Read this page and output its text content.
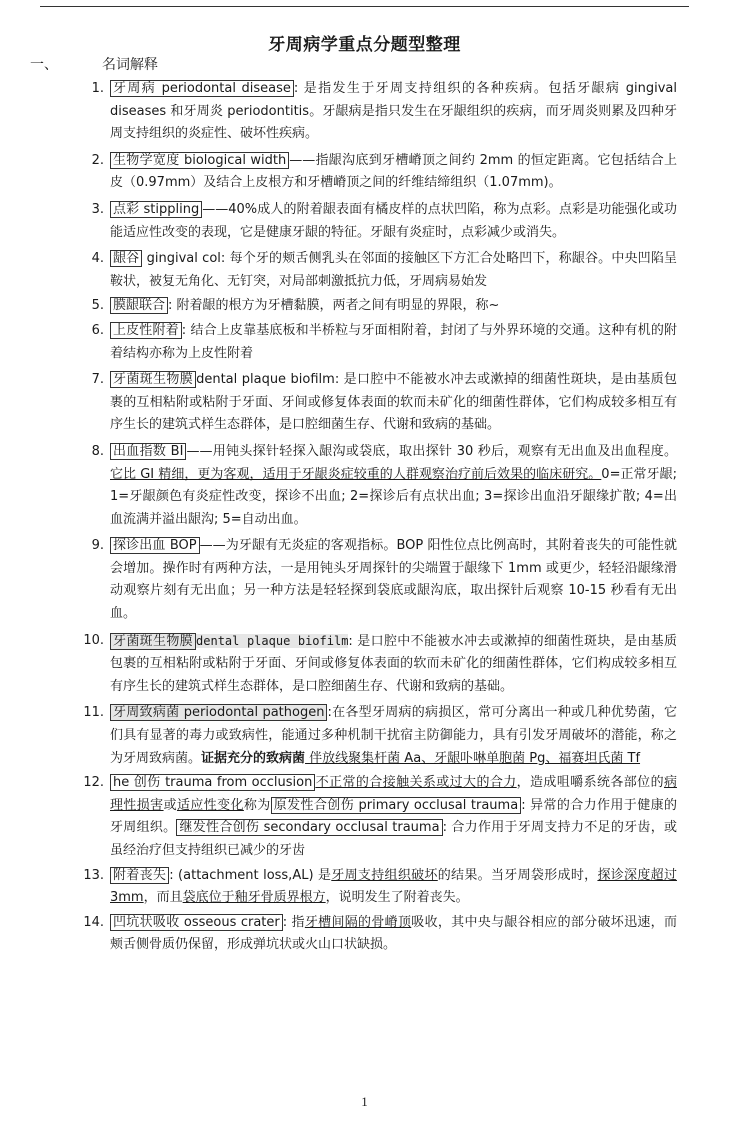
牙周病学重点分题型整理
一、	名词解释
1. 牙周病 periodontal disease : 是指发生于牙周支持组织的各种疾病。包括牙龈病 gingival diseases 和牙周炎 periodontitis。牙龈病是指只发生在牙龈组织的疾病，而牙周炎则累及四种牙周支持组织的炎症性、破坏性疾病。
2. 生物学宽度 biological width ——指龈沟底到牙槽嵴顶之间约 2mm 的恒定距离。它包括结合上皮（0.97mm）及结合上皮根方和牙槽嵴顶之间的纤维结缔组织（1.07mm)。
3. 点彩 stippling ——40%成人的附着龈表面有橘皮样的点状凹陷，称为点彩。点彩是功能强化或功能适应性改变的表现，它是健康牙龈的特征。牙龈有炎症时，点彩减少或消失。
4. 龈谷 gingival col: 每个牙的颊舌侧乳头在邻面的接触区下方汇合处略凹下，称龈谷。中央凹陷呈鞍状，被复无角化、无钉突，对局部刺激抵抗力低，牙周病易始发
5. 膜龈联合 : 附着龈的根方为牙槽黏膜，两者之间有明显的界限，称~
6. 上皮性附着 : 结合上皮靠基底板和半桥粒与牙面相附着，封闭了与外界环境的交通。这种有机的附着结构亦称为上皮性附着
7. 牙菌斑生物膜 dental plaque biofilm: 是口腔中不能被水冲去或漱掉的细菌性斑块，是由基质包裹的互相粘附或粘附于牙面、牙间或修复体表面的软而未矿化的细菌性群体，它们构成较多相互有序生长的建筑式样生态群体，是口腔细菌生存、代谢和致病的基础。
8. 出血指数 BI ——用钝头探针轻探入龈沟或袋底，取出探针 30 秒后，观察有无出血及出血程度。它比 GI 精细，更为客观，适用于牙龈炎症较重的人群观察治疗前后效果的临床研究。0=正常牙龈; 1=牙龈颜色有炎症性改变，探诊不出血; 2=探诊后有点状出血; 3=探诊出血沿牙龈缘扩散; 4=出血流满并溢出龈沟; 5=自动出血。
9. 探诊出血 BOP ——为牙龈有无炎症的客观指标。BOP 阳性位点比例高时，其附着丧失的可能性就会增加。操作时有两种方法，一是用钝头牙周探针的尖端置于龈缘下 1mm 或更少，轻轻沿龈缘滑动观察片刻有无出血；另一种方法是轻轻探到袋底或龈沟底，取出探针后观察 10-15 秒看有无出血。
10. 牙菌斑生物膜 dental plaque biofilm: 是口腔中不能被水冲去或漱掉的细菌性斑块，是由基质包裹的互相粘附或粘附于牙面、牙间或修复体表面的软而未矿化的细菌性群体，它们构成较多相互有序生长的建筑式样生态群体，是口腔细菌生存、代谢和致病的基础。
11. 牙周致病菌 periodontal pathogen :在各型牙周病的病损区，常可分离出一种或几种优势菌，它们具有显著的毒力或致病性，能通过多种机制干扰宿主防御能力，具有引发牙周破坏的潜能，称之为牙周致病菌。证据充分的致病菌 伴放线聚集杆菌 Aa、牙龈卟啉单胞菌 Pg、福赛坦氏菌 Tf
12. he 创伤 trauma from occlusion 不正常的合接触关系或过大的合力，造成咀嚼系统各部位的病理性损害或适应性变化称为 原发性合创伤 primary occlusal trauma : 异常的合力作用于健康的牙周组织。 继发性合创伤 secondary occlusal trauma : 合力作用于牙周支持力不足的牙齿，或虽经治疗但支持组织已减少的牙齿
13. 附着丧失 : (attachment loss,AL) 是牙周支持组织破坏的结果。当牙周袋形成时，探诊深度超过 3mm，而且袋底位于釉牙骨质界根方，说明发生了附着丧失。
14. 凹坑状吸收 osseous crater : 指牙槽间隔的骨嵴顶吸收，其中央与龈谷相应的部分破坏迅速，而颊舌侧骨质仍保留，形成弹坑状或火山口状缺损。
1
